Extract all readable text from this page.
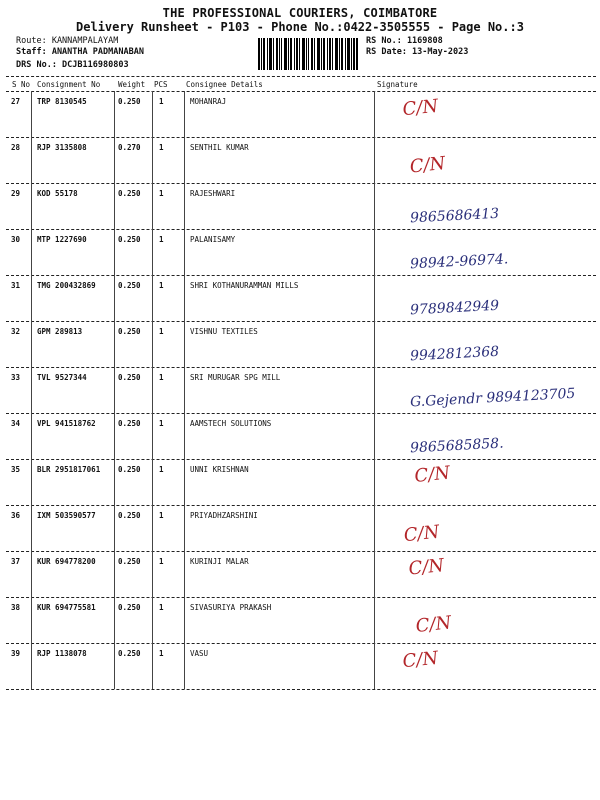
THE PROFESSIONAL COURIERS, COIMBATORE
Delivery Runsheet - P103 - Phone No.:0422-3505555 - Page No.:3
Route: KANNAMPALAYAM
Staff: ANANTHA PADMANABAN
DRS No.: DCJB116980803
RS No.: 1169808
RS Date: 13-May-2023
S No Consignment No Weight PCS Consignee Details	Signature
27 TRP 8130545	0.250 1	MOHANRAJ	C/N
28 RJP 3135808	0.270 1	SENTHIL KUMAR
C/N
29 KOD 55178	0.250 1	RAJESHWARI
9865686413
30 MTP 1227690	0.250 1	PALANISAMY
98942-96974.
31 TMG 200432869	0.250 1	SHRI KOTHANURAMMAN MILLS
9789842949
32 GPM 289813	0.250 1	VISHNU TEXTILES
9942812368
33 TVL 9527344	0.250 1	SRI MURUGAR SPG MILL
G.Gejendr 9894123705
34 VPL 941518762	0.250 1	AAMSTECH SOLUTIONS
9865685858.
35 BLR 2951817061 0.250 1	UNNI KRISHNAN	C/N
36 IXM 503590577	0.250 1	PRIYADHZARSHINI
C/N
37 KUR 694778200	0.250 1	KURINJI MALAR	C/N
38 KUR 694775581	0.250 1	SIVASURIYA PRAKASH
C/N
39 RJP 1138078	0.250 1	VASU	C/N
